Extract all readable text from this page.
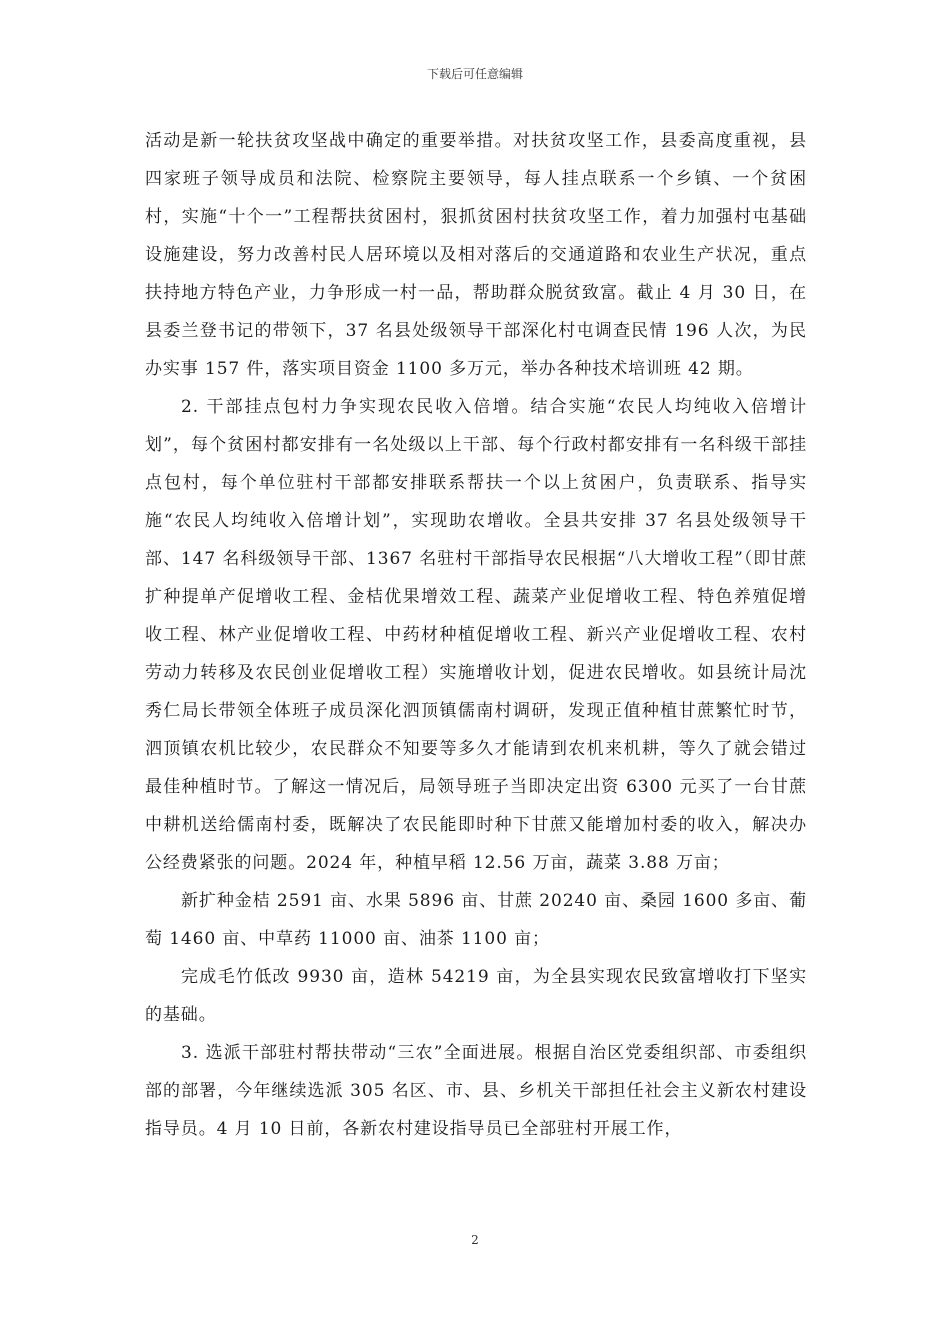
下载后可任意编辑

活动是新一轮扶贫攻坚战中确定的重要举措。对扶贫攻坚工作，县委高度重视，县四家班子领导成员和法院、检察院主要领导，每人挂点联系一个乡镇、一个贫困村，实施“十个一”工程帮扶贫困村，狠抓贫困村扶贫攻坚工作，着力加强村屯基础设施建设，努力改善村民人居环境以及相对落后的交通道路和农业生产状况，重点扶持地方特色产业，力争形成一村一品，帮助群众脱贫致富。截止 4 月 30 日，在县委兰登书记的带领下，37 名县处级领导干部深化村屯调查民情 196 人次，为民办实事 157 件，落实项目资金 1100 多万元，举办各种技术培训班 42 期。

2. 干部挂点包村力争实现农民收入倍增。结合实施“农民人均纯收入倍增计划”，每个贫困村都安排有一名处级以上干部、每个行政村都安排有一名科级干部挂点包村，每个单位驻村干部都安排联系帮扶一个以上贫困户，负责联系、指导实施“农民人均纯收入倍增计划”，实现助农增收。全县共安排 37 名县处级领导干部、147 名科级领导干部、1367 名驻村干部指导农民根据“八大增收工程”（即甘蔗扩种提单产促增收工程、金桔优果增效工程、蔬菜产业促增收工程、特色养殖促增收工程、林产业促增收工程、中药材种植促增收工程、新兴产业促增收工程、农村劳动力转移及农民创业促增收工程）实施增收计划，促进农民增收。如县统计局沈秀仁局长带领全体班子成员深化泗顶镇儒南村调研，发现正值种植甘蔗繁忙时节，泗顶镇农机比较少，农民群众不知要等多久才能请到农机来机耕，等久了就会错过最佳种植时节。了解这一情况后，局领导班子当即决定出资 6300 元买了一台甘蔗中耕机送给儒南村委，既解决了农民能即时种下甘蔗又能增加村委的收入，解决办公经费紧张的问题。2024 年，种植早稻 12.56 万亩，蔬菜 3.88 万亩；

新扩种金桔 2591 亩、水果 5896 亩、甘蔗 20240 亩、桑园 1600 多亩、葡萄 1460 亩、中草药 11000 亩、油茶 1100 亩；

完成毛竹低改 9930 亩，造林 54219 亩，为全县实现农民致富增收打下坚实的基础。

3. 选派干部驻村帮扶带动“三农”全面进展。根据自治区党委组织部、市委组织部的部署，今年继续选派 305 名区、市、县、乡机关干部担任社会主义新农村建设指导员。4 月 10 日前，各新农村建设指导员已全部驻村开展工作，

2
